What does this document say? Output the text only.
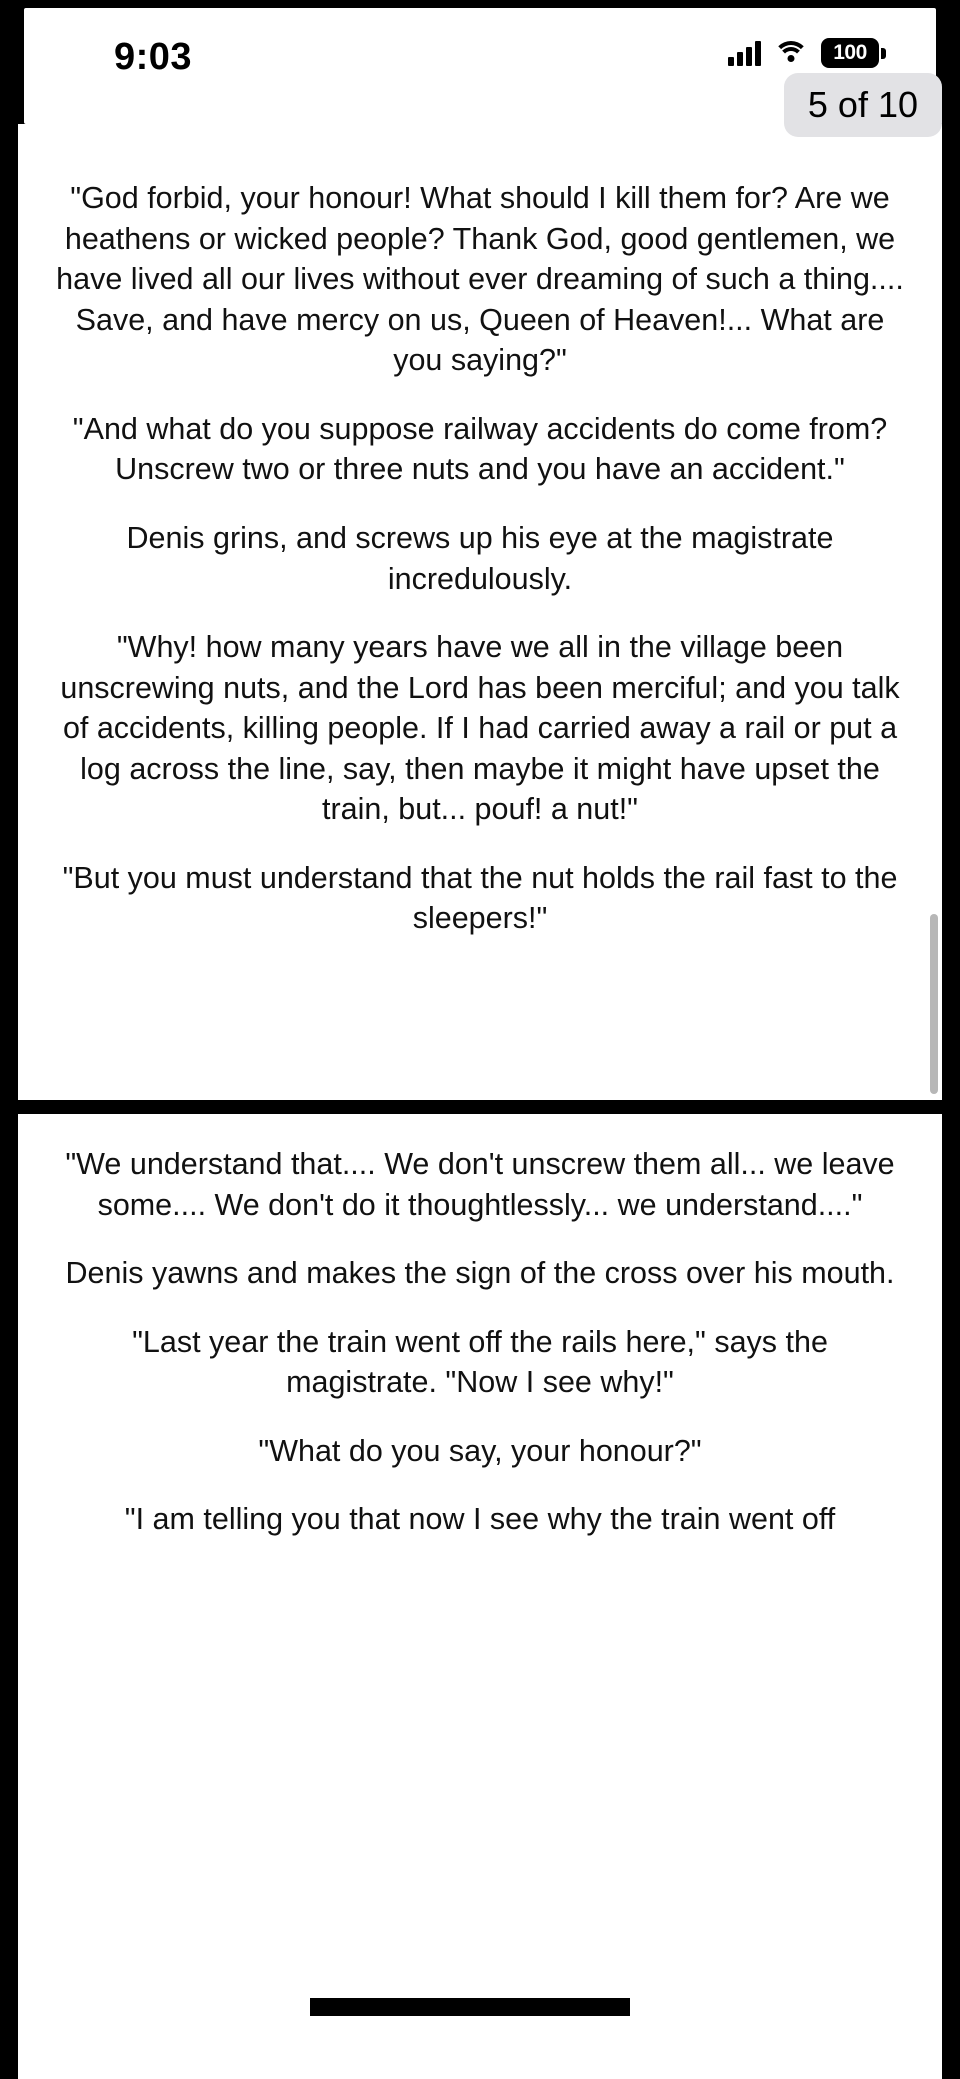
9:03	100
5 of 10

"God forbid, your honour! What should I kill them for? Are we heathens or wicked people? Thank God, good gentlemen, we have lived all our lives without ever dreaming of such a thing.... Save, and have mercy on us, Queen of Heaven!... What are you saying?"

"And what do you suppose railway accidents do come from? Unscrew two or three nuts and you have an accident."

Denis grins, and screws up his eye at the magistrate incredulously.

"Why! how many years have we all in the village been unscrewing nuts, and the Lord has been merciful; and you talk of accidents, killing people. If I had carried away a rail or put a log across the line, say, then maybe it might have upset the train, but... pouf! a nut!"

"But you must understand that the nut holds the rail fast to the sleepers!"

"We understand that.... We don't unscrew them all... we leave some.... We don't do it thoughtlessly... we understand...."

Denis yawns and makes the sign of the cross over his mouth.

"Last year the train went off the rails here," says the magistrate. "Now I see why!"

"What do you say, your honour?"

"I am telling you that now I see why the train went off
